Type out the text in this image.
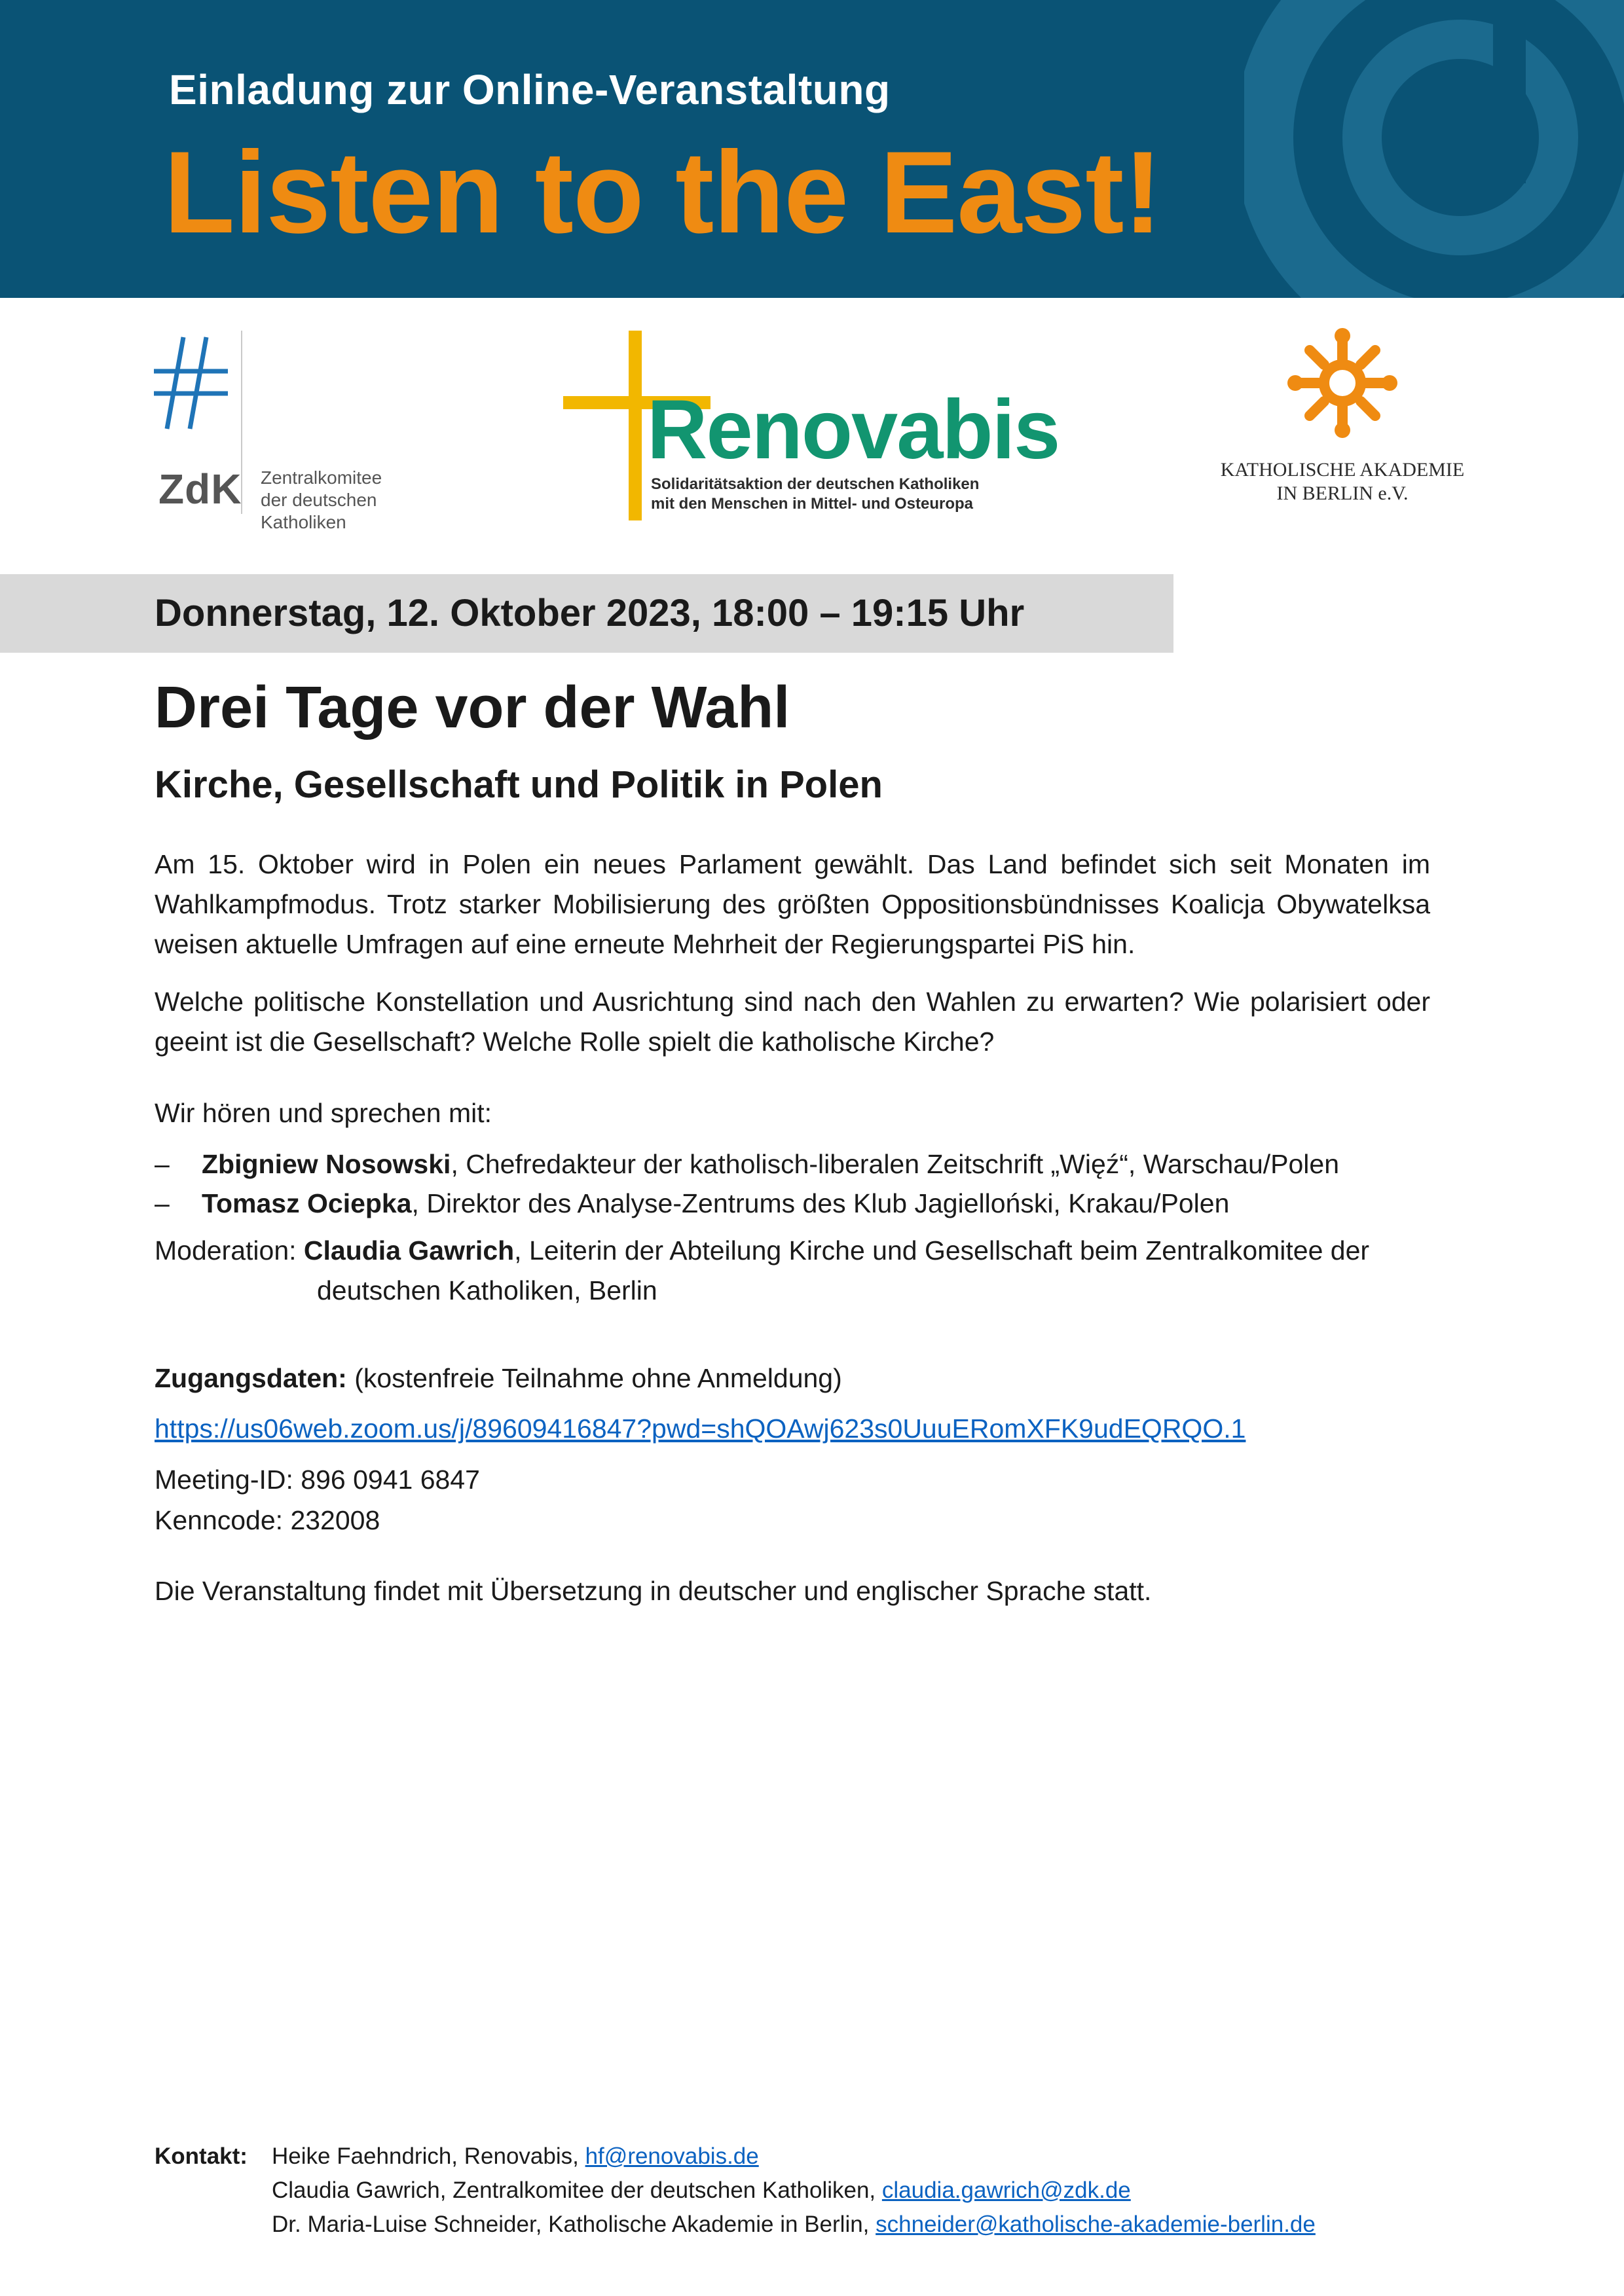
Einladung zur Online-Veranstaltung
Listen to the East!
ZdK Zentralkomitee
der deutschen Katholiken
Renovabis
Solidaritätsaktion der deutschen Katholiken
mit den Menschen in Mittel- und Osteuropa
KATHOLISCHE AKADEMIE
IN BERLIN e.V.
Donnerstag, 12. Oktober 2023, 18:00 – 19:15 Uhr
Drei Tage vor der Wahl
Kirche, Gesellschaft und Politik in Polen

Am 15. Oktober wird in Polen ein neues Parlament gewählt. Das Land befindet sich seit Monaten im Wahlkampfmodus. Trotz starker Mobilisierung des größten Oppositionsbündnisses Koalicja Obywatelksa weisen aktuelle Umfragen auf eine erneute Mehrheit der Regierungspartei PiS hin.

Welche politische Konstellation und Ausrichtung sind nach den Wahlen zu erwarten? Wie polarisiert oder geeint ist die Gesellschaft? Welche Rolle spielt die katholische Kirche?

Wir hören und sprechen mit:

– Zbigniew Nosowski, Chefredakteur der katholisch-liberalen Zeitschrift „Więź“, Warschau/Polen
– Tomasz Ociepka, Direktor des Analyse-Zentrums des Klub Jagielloński, Krakau/Polen
Moderation: Claudia Gawrich, Leiterin der Abteilung Kirche und Gesellschaft beim Zentralkomitee der
deutschen Katholiken, Berlin
Zugangsdaten: (kostenfreie Teilnahme ohne Anmeldung)
https://us06web.zoom.us/j/89609416847?pwd=shQOAwj623s0UuuERomXFK9udEQRQO.1
Meeting-ID: 896 0941 6847
Kenncode: 232008
Die Veranstaltung findet mit Übersetzung in deutscher und englischer Sprache statt.
Kontakt: Heike Faehndrich, Renovabis, hf@renovabis.de
Claudia Gawrich, Zentralkomitee der deutschen Katholiken, claudia.gawrich@zdk.de
Dr. Maria-Luise Schneider, Katholische Akademie in Berlin, schneider@katholische-akademie-berlin.de
